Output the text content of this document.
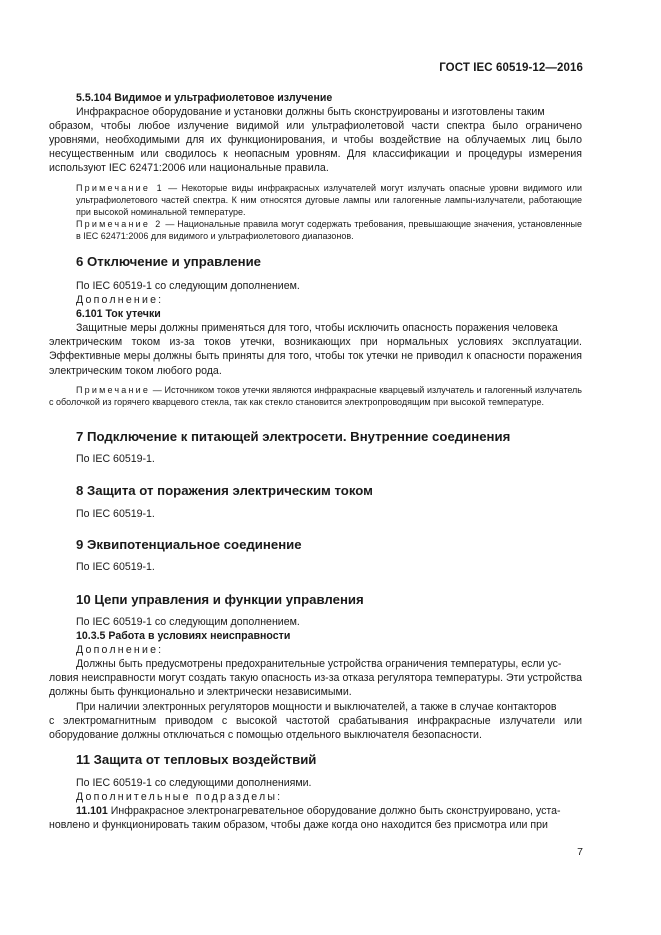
ГОСТ IEC 60519-12—2016

5.5.104 Видимое и ультрафиолетовое излучение

Инфракрасное оборудование и установки должны быть сконструированы и изготовлены таким

образом, чтобы любое излучение видимой или ультрафиолетовой части спектра было ограничено уровнями, необходимыми для их функционирования, и чтобы воздействие на облучаемых лиц было несущественным или сводилось к неопасным уровням. Для классификации и процедуры измерения используют IEC 62471:2006 или национальные правила.

Примечание 1 — Некоторые виды инфракрасных излучателей могут излучать опасные уровни видимого или ультрафиолетового частей спектра. К ним относятся дуговые лампы или галогенные лампы-излучатели, работающие при высокой номинальной температуре.

Примечание 2 — Национальные правила могут содержать требования, превышающие значения, установленные в IEC 62471:2006 для видимого и ультрафиолетового диапазонов.

6 Отключение и управление

По IEC 60519-1 со следующим дополнением.

Дополнение:

6.101 Ток утечки

Защитные меры должны применяться для того, чтобы исключить опасность поражения человека

электрическим током из-за токов утечки, возникающих при нормальных условиях эксплуатации. Эффективные меры должны быть приняты для того, чтобы ток утечки не приводил к опасности поражения электрическим током любого рода.

Примечание — Источником токов утечки являются инфракрасные кварцевый излучатель и галогенный излучатель с оболочкой из горячего кварцевого стекла, так как стекло становится электропроводящим при высокой температуре.

7 Подключение к питающей электросети. Внутренние соединения

По IEC 60519-1.

8 Защита от поражения электрическим током

По IEC 60519-1.

9 Эквипотенциальное соединение

По IEC 60519-1.

10 Цепи управления и функции управления

По IEC 60519-1 со следующим дополнением.

10.3.5 Работа в условиях неисправности

Дополнение:

Должны быть предусмотрены предохранительные устройства ограничения температуры, если ус-

ловия неисправности могут создать такую опасность из-за отказа регулятора температуры. Эти устройства должны быть функционально и электрически независимыми.

При наличии электронных регуляторов мощности и выключателей, а также в случае контакторов

с электромагнитным приводом с высокой частотой срабатывания инфракрасные излучатели или оборудование должны отключаться с помощью отдельного выключателя безопасности.

11 Защита от тепловых воздействий

По IEC 60519-1 со следующими дополнениями.

Дополнительные подразделы:

11.101 Инфракрасное электронагревательное оборудование должно быть сконструировано, уста-

новлено и функционировать таким образом, чтобы даже когда оно находится без присмотра или при

7
